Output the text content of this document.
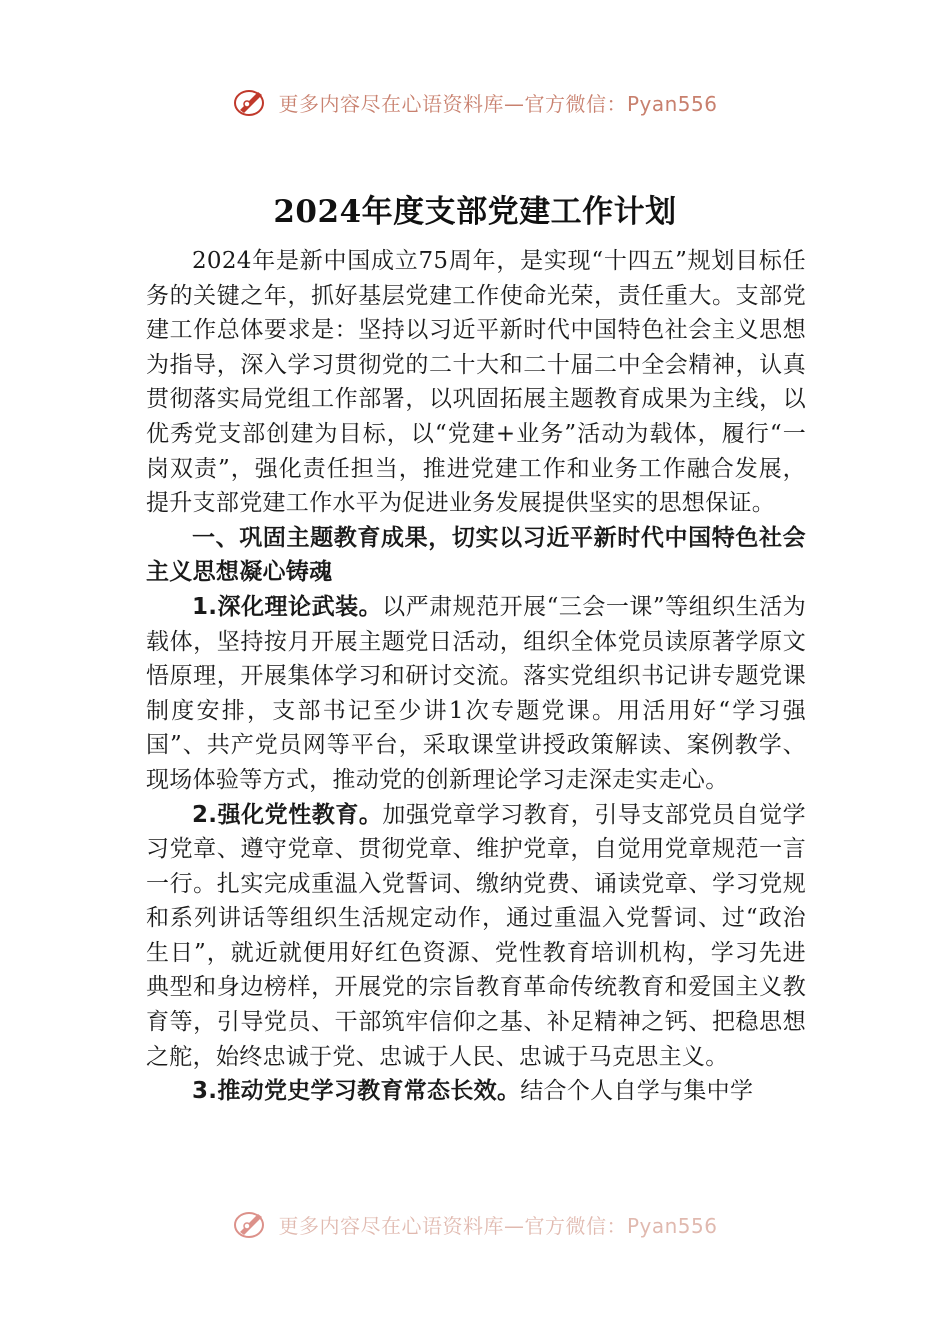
更多内容尽在心语资料库—官方微信：Pyan556
2024年度支部党建工作计划

2024年是新中国成立75周年，是实现“十四五”规划目标任务的关键之年，抓好基层党建工作使命光荣，责任重大。支部党建工作总体要求是：坚持以习近平新时代中国特色社会主义思想为指导，深入学习贯彻党的二十大和二十届二中全会精神，认真贯彻落实局党组工作部署，以巩固拓展主题教育成果为主线，以优秀党支部创建为目标，以“党建+业务”活动为载体，履行“一岗双责”，强化责任担当，推进党建工作和业务工作融合发展，提升支部党建工作水平为促进业务发展提供坚实的思想保证。

一、巩固主题教育成果，切实以习近平新时代中国特色社会主义思想凝心铸魂

1.深化理论武装。以严肃规范开展“三会一课”等组织生活为载体，坚持按月开展主题党日活动，组织全体党员读原著学原文悟原理，开展集体学习和研讨交流。落实党组织书记讲专题党课制度安排，支部书记至少讲1次专题党课。用活用好“学习强国”、共产党员网等平台，采取课堂讲授政策解读、案例教学、现场体验等方式，推动党的创新理论学习走深走实走心。

2.强化党性教育。加强党章学习教育，引导支部党员自觉学习党章、遵守党章、贯彻党章、维护党章，自觉用党章规范一言一行。扎实完成重温入党誓词、缴纳党费、诵读党章、学习党规和系列讲话等组织生活规定动作，通过重温入党誓词、过“政治生日”，就近就便用好红色资源、党性教育培训机构，学习先进典型和身边榜样，开展党的宗旨教育革命传统教育和爱国主义教育等，引导党员、干部筑牢信仰之基、补足精神之钙、把稳思想之舵，始终忠诚于党、忠诚于人民、忠诚于马克思主义。

3.推动党史学习教育常态长效。结合个人自学与集中学

更多内容尽在心语资料库—官方微信：Pyan556
